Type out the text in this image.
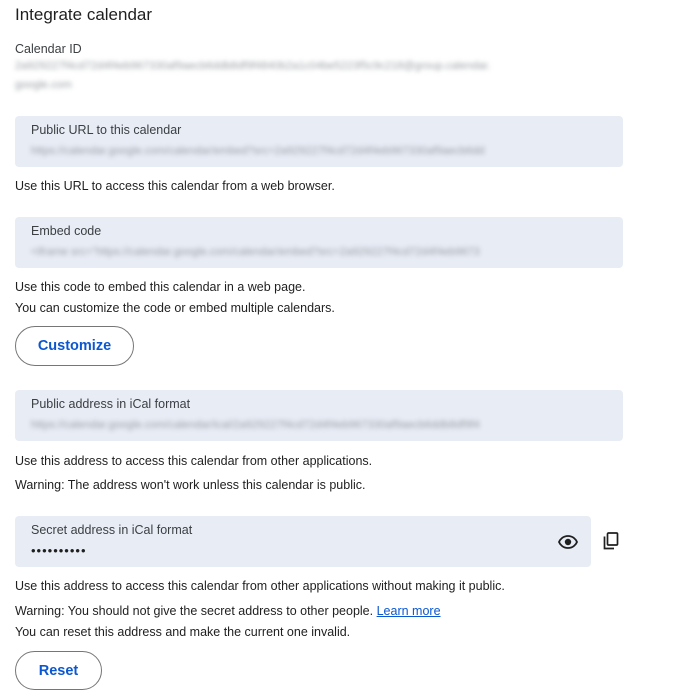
Integrate calendar
Calendar ID
2a929227f4cd72d4f4eb967330af9aecb6ddb8df9f4840b2a1c04be5223f5c9c218@group.calendar.
google.com
Public URL to this calendar
https://calendar.google.com/calendar/embed?src=2a929227f4cd72d4f4eb967330af9aecb6dd
Use this URL to access this calendar from a web browser.
Embed code
<iframe src="https://calendar.google.com/calendar/embed?src=2a929227f4cd72d4f4eb9673
Use this code to embed this calendar in a web page.
You can customize the code or embed multiple calendars.
Customize
Public address in iCal format
https://calendar.google.com/calendar/ical/2a929227f4cd72d4f4eb967330af9aecb6ddb8df9f4
Use this address to access this calendar from other applications.
Warning: The address won't work unless this calendar is public.
Secret address in iCal format
••••••••••
Use this address to access this calendar from other applications without making it public.
Warning: You should not give the secret address to other people. Learn more
You can reset this address and make the current one invalid.
Reset
